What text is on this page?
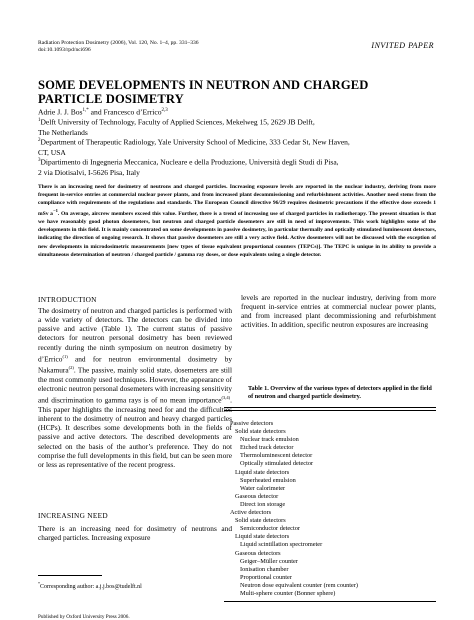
Radiation Protection Dosimetry (2006), Vol. 120, No. 1–4, pp. 331–336
doi:10.1093/rpd/nci696	INVITED PAPER
SOME DEVELOPMENTS IN NEUTRON AND CHARGED
PARTICLE DOSIMETRY
Adrie J. J. Bos$^{1,*}$ and Francesco d’Errico$^{2,3}$
$^1$Delft University of Technology, Faculty of Applied Sciences, Mekelweg 15, 2629 JB Delft,
The Netherlands
$^2$Department of Therapeutic Radiology, Yale University School of Medicine, 333 Cedar St, New Haven,
CT, USA
$^3$Dipartimento di Ingegneria Meccanica, Nucleare e della Produzione, Università degli Studi di Pisa,
2 via Diotisalvi, I-5626 Pisa, Italy
There is an increasing need for dosimetry of neutrons and charged particles. Increasing exposure levels are reported in the nuclear industry, deriving from more frequent in-service entries at commercial nuclear power plants, and from increased plant decommissioning and refurbishment activities. Another need stems from the compliance with requirements of the regulations and standards. The European Council directive 96/29 requires dosimetric precautions if the effective dose exceeds 1 mSv $a^{-1}$. On average, aircrew members exceed this value. Further, there is a trend of increasing use of charged particles in radiotherapy. The present situation is that we have reasonably good photon dosemeters, but neutron and charged particle dosemeters are still in need of improvements. This work highlights some of the developments in this field. It is mainly concentrated on some developments in passive dosimetry, in particular thermally and optically stimulated luminescent detectors, indicating the direction of ongoing research. It shows that passive dosemeters are still a very active field. Active dosemeters will not be discussed with the exception of new developments in microdosimetric measurements [new types of tissue equivalent proportional counters (TEPCs)]. The TEPC is unique in its ability to provide a simultaneous determination of neutron / charged particle / gamma ray doses, or dose equivalents using a single detector.
INTRODUCTION
The dosimetry of neutron and charged particles is performed with a wide variety of detectors. The detectors can be divided into passive and active (Table 1). The current status of passive detectors for neutron personal dosimetry has been reviewed recently during the ninth symposium on neutron dosimetry by d’Errico$^{(1)}$ and for neutron environmental dosimetry by Nakamura$^{(2)}$. The passive, mainly solid state, dosemeters are still the most commonly used techniques. However, the appearance of electronic neutron personal dosemeters with increasing sensitivity and discrimination to gamma rays is of no mean importance$^{(3,4)}$. This paper highlights the increasing need for and the difficulties inherent to the dosimetry of neutron and heavy charged particles (HCPs). It describes some developments both in the fields of passive and active detectors. The described developments are selected on the basis of the author’s preference. They do not comprise the full developments in this field, but can be seen more or less as representative of the recent progress.
INCREASING NEED
There is an increasing need for dosimetry of neutrons and charged particles. Increasing exposure
levels are reported in the nuclear industry, deriving from more frequent in-service entries at commercial nuclear power plants, and from increased plant decommissioning and refurbishment activities. In addition, specific neutron exposures are increasing
Table 1. Overview of the various types of detectors applied in the field of neutron and charged particle dosimetry.
Passive detectors
Solid state detectors
Nuclear track emulsion
Etched track detector
Thermoluminescent detector
Optically stimulated detector
Liquid state detectors
Superheated emulsion
Water calorimeter
Gaseous detector
Direct ion storage
Active detectors
Solid state detectors
Semiconductor detector
Liquid state detectors
Liquid scintillation spectrometer
Gaseous detectors
Geiger–Müller counter
Ionisation chamber
Proportional counter
Neutron dose equivalent counter (rem counter)
Multi-sphere counter (Bonner sphere)
*Corresponding author: a.j.j.bos@tudelft.nl
Published by Oxford University Press 2006.
